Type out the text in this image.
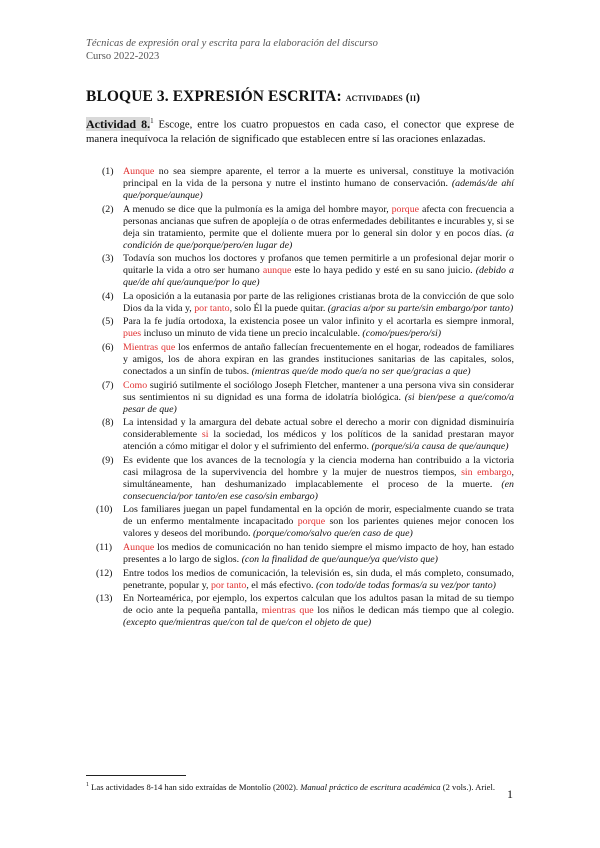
Técnicas de expresión oral y escrita para la elaboración del discurso
Curso 2022-2023
BLOQUE 3. EXPRESIÓN ESCRITA: actividades (ii)
Actividad 8.$^1$ Escoge, entre los cuatro propuestos en cada caso, el conector que exprese de manera inequívoca la relación de significado que establecen entre sí las oraciones enlazadas.
(1) Aunque no sea siempre aparente, el terror a la muerte es universal, constituye la motivación principal en la vida de la persona y nutre el instinto humano de conservación. (además/de ahí que/porque/aunque)
(2) A menudo se dice que la pulmonía es la amiga del hombre mayor, porque afecta con frecuencia a personas ancianas que sufren de apoplejía o de otras enfermedades debilitantes e incurables y, si se deja sin tratamiento, permite que el doliente muera por lo general sin dolor y en pocos días. (a condición de que/porque/pero/en lugar de)
(3) Todavía son muchos los doctores y profanos que temen permitirle a un profesional dejar morir o quitarle la vida a otro ser humano aunque este lo haya pedido y esté en su sano juicio. (debido a que/de ahí que/aunque/por lo que)
(4) La oposición a la eutanasia por parte de las religiones cristianas brota de la convicción de que solo Dios da la vida y, por tanto, solo Él la puede quitar. (gracias a/por su parte/sin embargo/por tanto)
(5) Para la fe judía ortodoxa, la existencia posee un valor infinito y el acortarla es siempre inmoral, pues incluso un minuto de vida tiene un precio incalculable. (como/pues/pero/si)
(6) Mientras que los enfermos de antaño fallecían frecuentemente en el hogar, rodeados de familiares y amigos, los de ahora expiran en las grandes instituciones sanitarias de las capitales, solos, conectados a un sinfín de tubos. (mientras que/de modo que/a no ser que/gracias a que)
(7) Como sugirió sutilmente el sociólogo Joseph Fletcher, mantener a una persona viva sin considerar sus sentimientos ni su dignidad es una forma de idolatría biológica. (si bien/pese a que/como/a pesar de que)
(8) La intensidad y la amargura del debate actual sobre el derecho a morir con dignidad disminuiría considerablemente si la sociedad, los médicos y los políticos de la sanidad prestaran mayor atención a cómo mitigar el dolor y el sufrimiento del enfermo. (porque/si/a causa de que/aunque)
(9) Es evidente que los avances de la tecnología y la ciencia moderna han contribuido a la victoria casi milagrosa de la supervivencia del hombre y la mujer de nuestros tiempos, sin embargo, simultáneamente, han deshumanizado implacablemente el proceso de la muerte. (en consecuencia/por tanto/en ese caso/sin embargo)
(10) Los familiares juegan un papel fundamental en la opción de morir, especialmente cuando se trata de un enfermo mentalmente incapacitado porque son los parientes quienes mejor conocen los valores y deseos del moribundo. (porque/como/salvo que/en caso de que)
(11) Aunque los medios de comunicación no han tenido siempre el mismo impacto de hoy, han estado presentes a lo largo de siglos. (con la finalidad de que/aunque/ya que/visto que)
(12) Entre todos los medios de comunicación, la televisión es, sin duda, el más completo, consumado, penetrante, popular y, por tanto, el más efectivo. (con todo/de todas formas/a su vez/por tanto)
(13) En Norteamérica, por ejemplo, los expertos calculan que los adultos pasan la mitad de su tiempo de ocio ante la pequeña pantalla, mientras que los niños le dedican más tiempo que al colegio. (excepto que/mientras que/con tal de que/con el objeto de que)
$^1$ Las actividades 8-14 han sido extraídas de Montolío (2002). Manual práctico de escritura académica (2 vols.). Ariel.
1
